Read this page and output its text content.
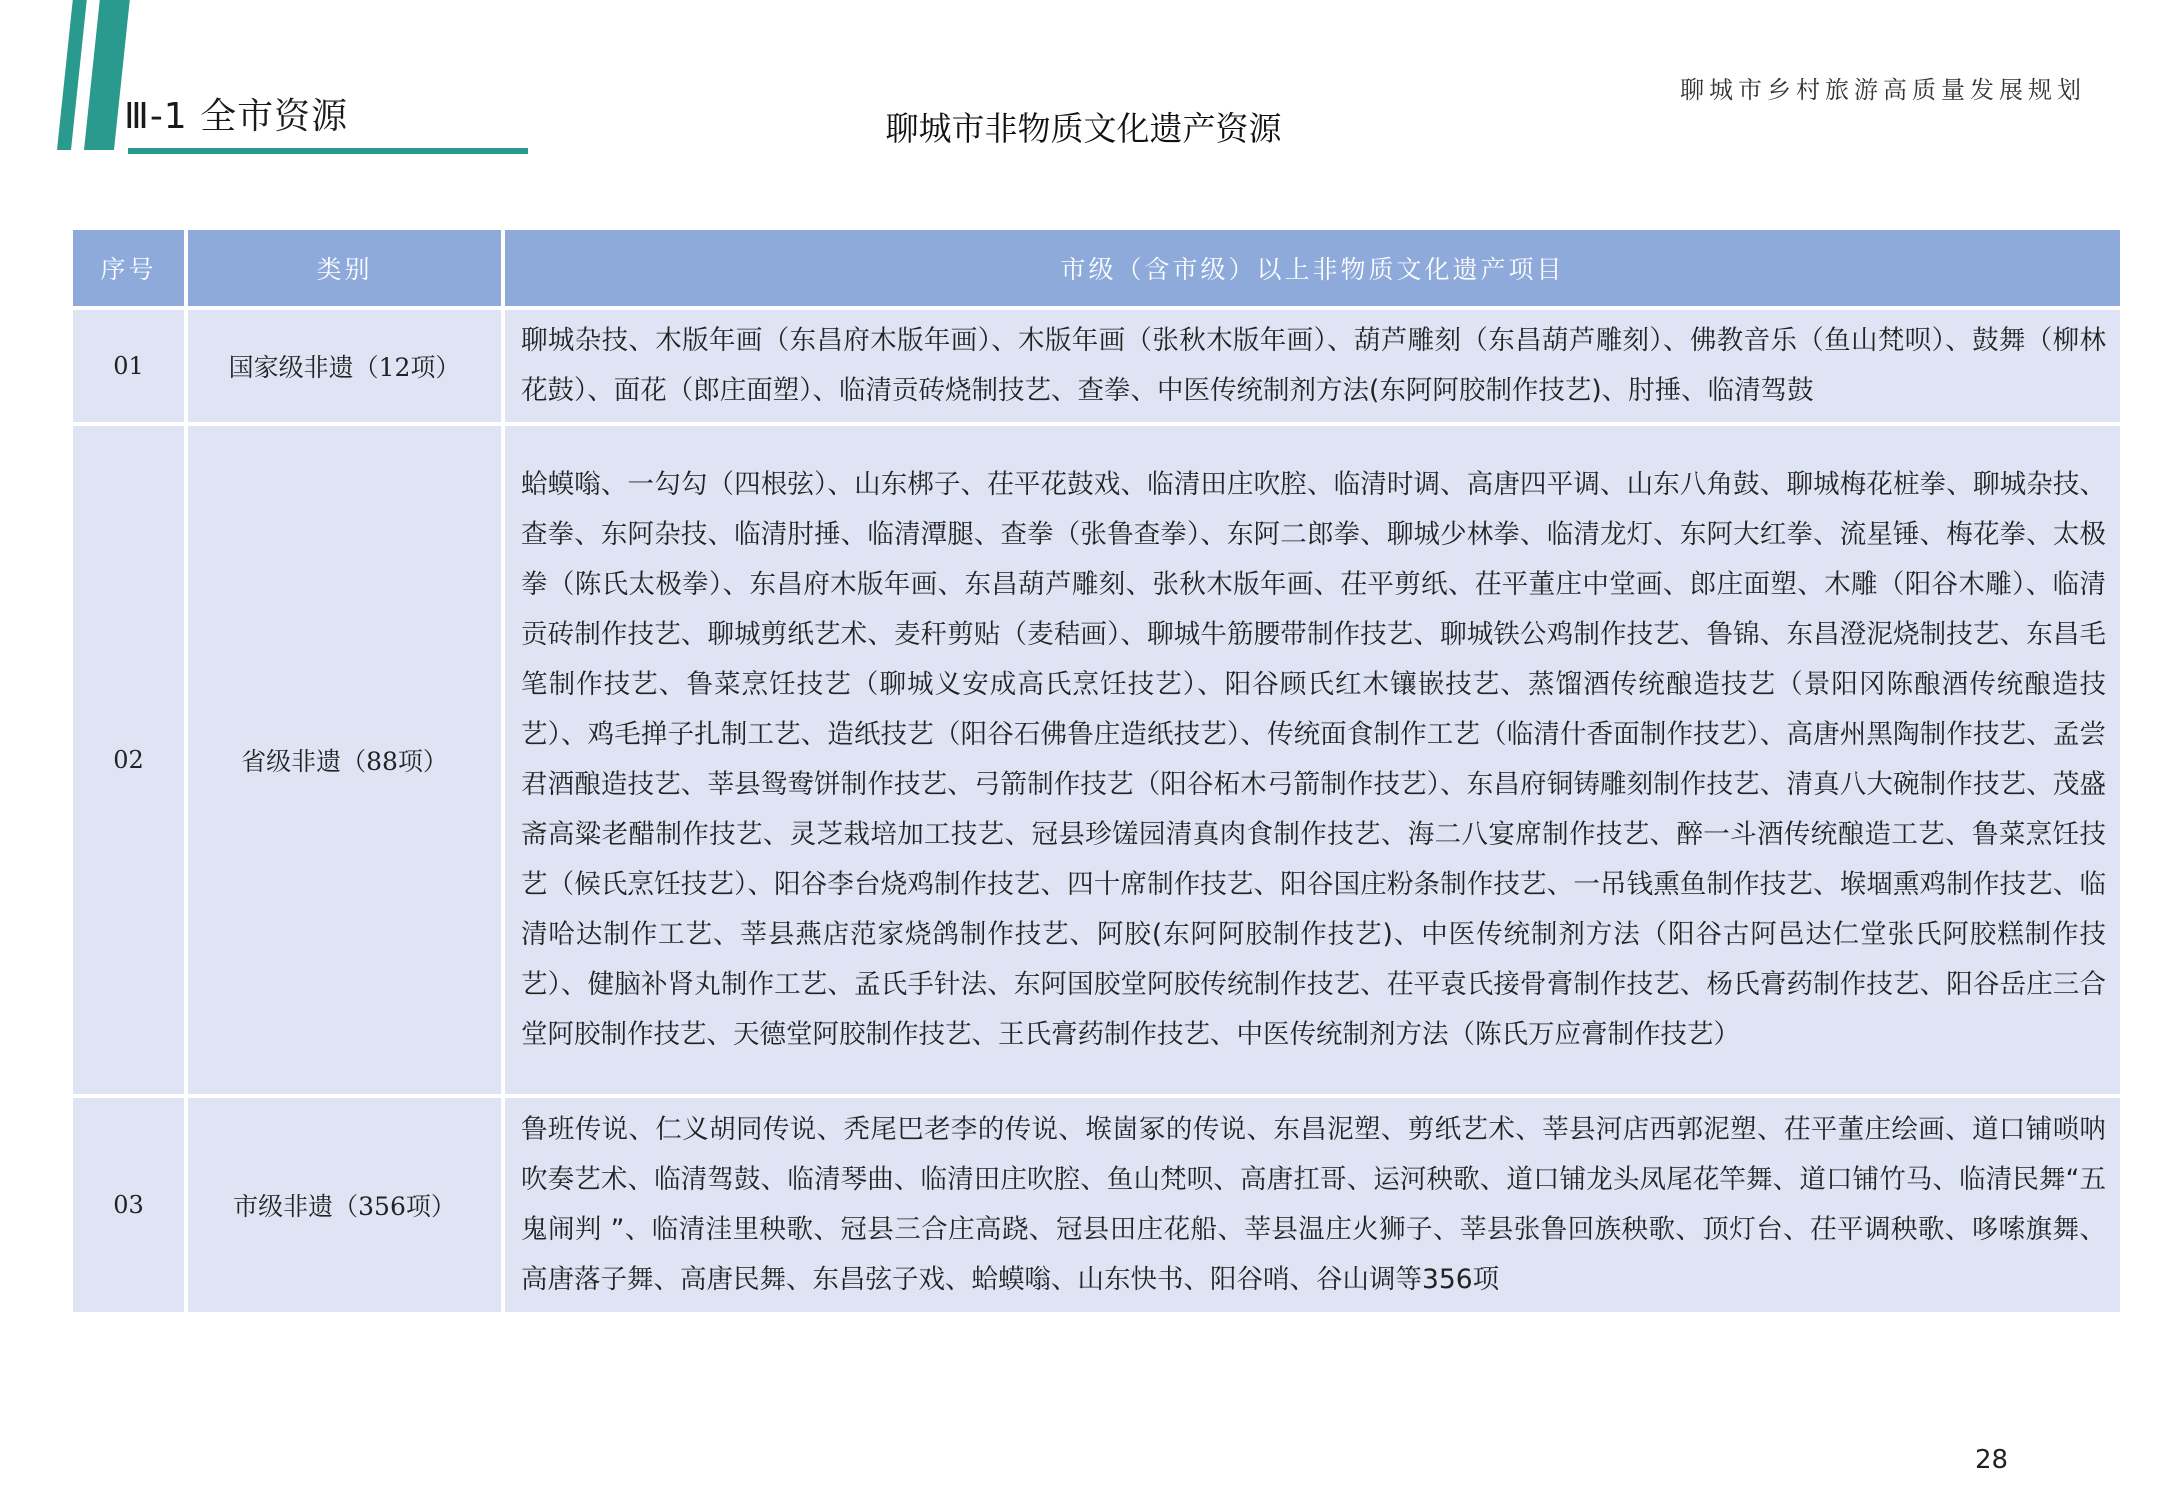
Ⅲ-1 全市资源
聊城市乡村旅游高质量发展规划
聊城市非物质文化遗产资源
序号	类别	市级（含市级）以上非物质文化遗产项目
01	国家级非遗（12项）	聊城杂技、木版年画（东昌府木版年画）、木版年画（张秋木版年画）、葫芦雕刻（东昌葫芦雕刻）、佛教音乐（鱼山梵呗）、鼓舞（柳林花鼓）、面花（郎庄面塑）、临清贡砖烧制技艺、查拳、中医传统制剂方法(东阿阿胶制作技艺)、肘捶、临清驾鼓
02	省级非遗（88项）	蛤蟆嗡、一勾勾（四根弦）、山东梆子、茌平花鼓戏、临清田庄吹腔、临清时调、高唐四平调、山东八角鼓、聊城梅花桩拳、聊城杂技、查拳、东阿杂技、临清肘捶、临清潭腿、查拳（张鲁查拳）、东阿二郎拳、聊城少林拳、临清龙灯、东阿大红拳、流星锤、梅花拳、太极拳（陈氏太极拳）、东昌府木版年画、东昌葫芦雕刻、张秋木版年画、茌平剪纸、茌平董庄中堂画、郎庄面塑、木雕（阳谷木雕）、临清贡砖制作技艺、聊城剪纸艺术、麦秆剪贴（麦秸画）、聊城牛筋腰带制作技艺、聊城铁公鸡制作技艺、鲁锦、东昌澄泥烧制技艺、东昌毛笔制作技艺、鲁菜烹饪技艺（聊城义安成高氏烹饪技艺）、阳谷顾氏红木镶嵌技艺、蒸馏酒传统酿造技艺（景阳冈陈酿酒传统酿造技艺）、鸡毛掸子扎制工艺、造纸技艺（阳谷石佛鲁庄造纸技艺）、传统面食制作工艺（临清什香面制作技艺）、高唐州黑陶制作技艺、孟尝君酒酿造技艺、莘县鸳鸯饼制作技艺、弓箭制作技艺（阳谷柘木弓箭制作技艺）、东昌府铜铸雕刻制作技艺、清真八大碗制作技艺、茂盛斋高粱老醋制作技艺、灵芝栽培加工技艺、冠县珍馐园清真肉食制作技艺、海二八宴席制作技艺、醉一斗酒传统酿造工艺、鲁菜烹饪技艺（候氏烹饪技艺）、阳谷李台烧鸡制作技艺、四十席制作技艺、阳谷国庄粉条制作技艺、一吊钱熏鱼制作技艺、堠堌熏鸡制作技艺、临清哈达制作工艺、莘县燕店范家烧鸽制作技艺、阿胶(东阿阿胶制作技艺)、中医传统制剂方法（阳谷古阿邑达仁堂张氏阿胶糕制作技艺）、健脑补肾丸制作工艺、孟氏手针法、东阿国胶堂阿胶传统制作技艺、茌平袁氏接骨膏制作技艺、杨氏膏药制作技艺、阳谷岳庄三合堂阿胶制作技艺、天德堂阿胶制作技艺、王氏膏药制作技艺、中医传统制剂方法（陈氏万应膏制作技艺）
03	市级非遗（356项）	鲁班传说、仁义胡同传说、秃尾巴老李的传说、堠崮冢的传说、东昌泥塑、剪纸艺术、莘县河店西郭泥塑、茌平董庄绘画、道口铺唢呐吹奏艺术、临清驾鼓、临清琴曲、临清田庄吹腔、鱼山梵呗、高唐扛哥、运河秧歌、道口铺龙头凤尾花竿舞、道口铺竹马、临清民舞“五鬼闹判 ”、临清洼里秧歌、冠县三合庄高跷、冠县田庄花船、莘县温庄火狮子、莘县张鲁回族秧歌、顶灯台、茌平调秧歌、哆嗦旗舞、高唐落子舞、高唐民舞、东昌弦子戏、蛤蟆嗡、山东快书、阳谷哨、谷山调等356项
28
